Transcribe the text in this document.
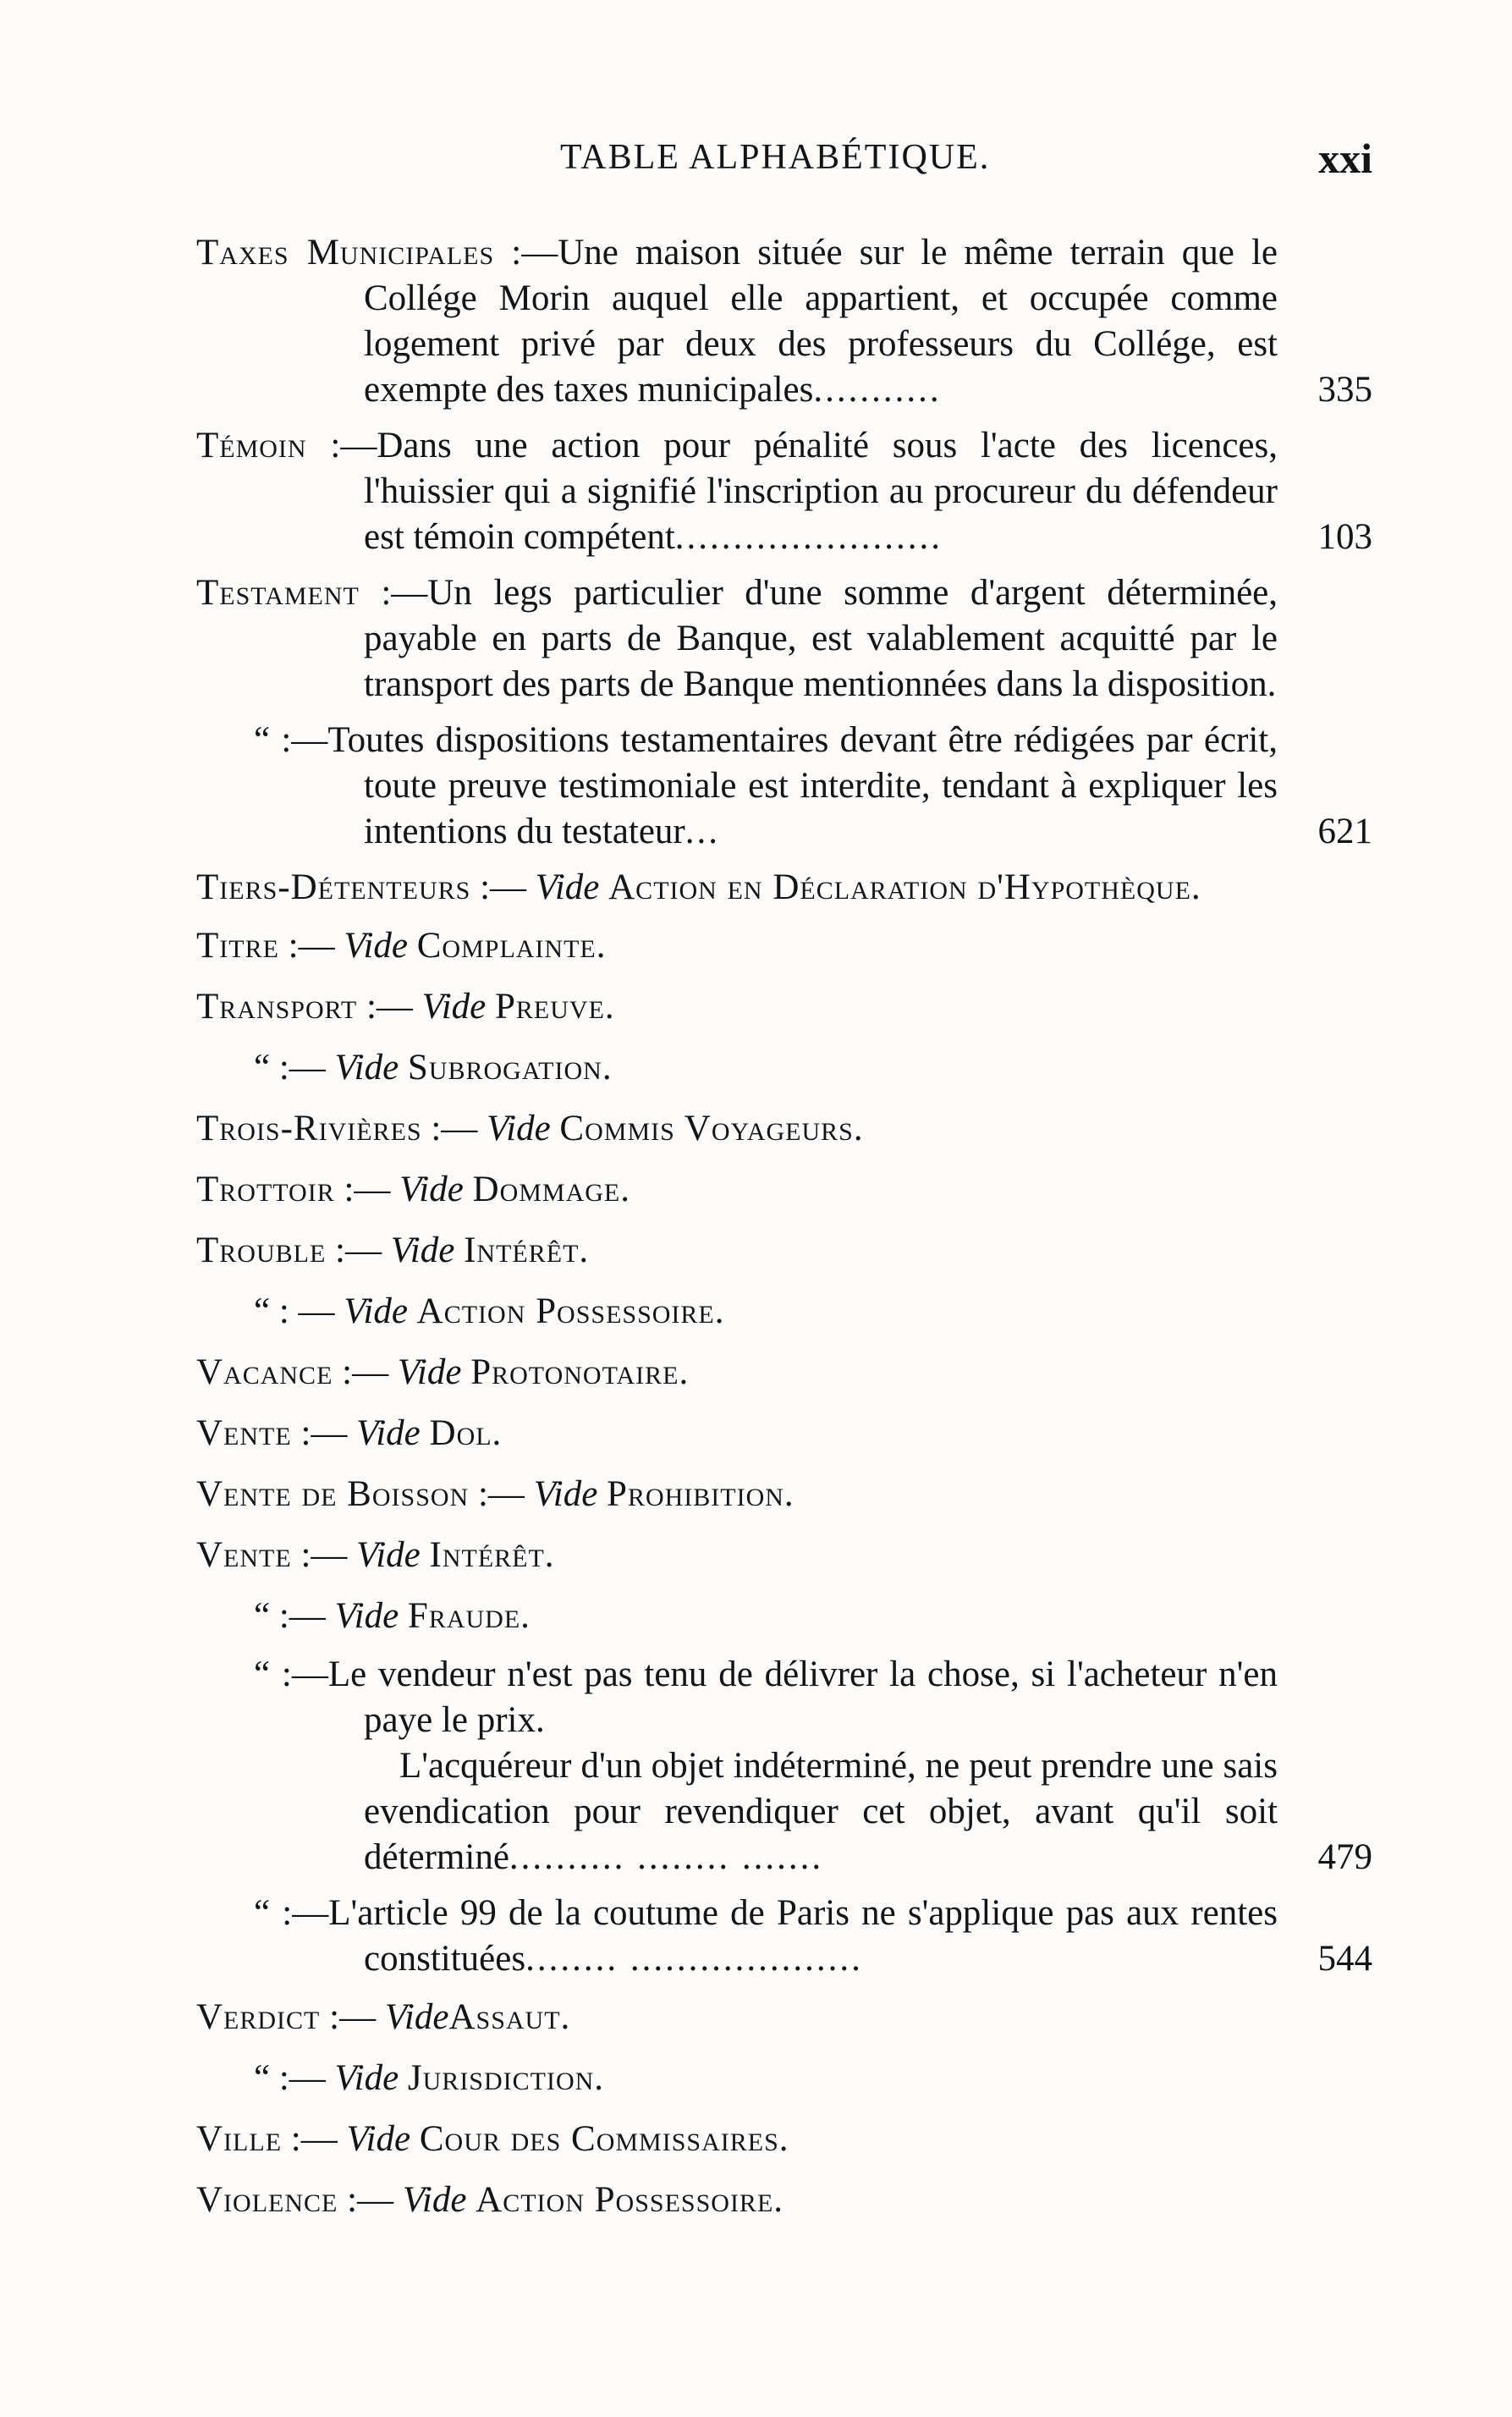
TABLE ALPHABÉTIQUE.	xxi
Taxes Municipales :—Une maison située sur le même terrain que le Collége Morin auquel elle appartient, et occupée comme logement privé par deux des professeurs du Collége, est exempte des taxes municipales...........	335
Témoin :—Dans une action pour pénalité sous l'acte des licences, l'huissier qui a signifié l'inscription au procureur du défendeur est témoin compétent.......................	103
Testament :—Un legs particulier d'une somme d'argent déterminée, payable en parts de Banque, est valablement acquitté par le transport des parts de Banque mentionnées dans la disposition.
“ :—Toutes dispositions testamentaires devant être rédigées par écrit, toute preuve testimoniale est interdite, tendant à expliquer les intentions du testateur...	621
Tiers-Détenteurs :— Vide Action en Déclaration d'Hypothèque.
Titre :— Vide Complainte.
Transport :— Vide Preuve.
“ :— Vide Subrogation.
Trois-Rivières :— Vide Commis Voyageurs.
Trottoir :— Vide Dommage.
Trouble :— Vide Intérêt.
“ : — Vide Action Possessoire.
Vacance :— Vide Protonotaire.
Vente :— Vide Dol.
Vente de Boisson :— Vide Prohibition.
Vente :— Vide Intérêt.
“ :— Vide Fraude.
“ :—Le vendeur n'est pas tenu de délivrer la chose, si l'acheteur n'en paye le prix.
L'acquéreur d'un objet indéterminé, ne peut prendre une sais evendication pour revendiquer cet objet, avant qu'il soit déterminé.......... ........ .......	479
“ :—L'article 99 de la coutume de Paris ne s'applique pas aux rentes constituées........ ....................	544
Verdict :— VideAssaut.
“ :— Vide Jurisdiction.
Ville :— Vide Cour des Commissaires.
Violence :— Vide Action Possessoire.
